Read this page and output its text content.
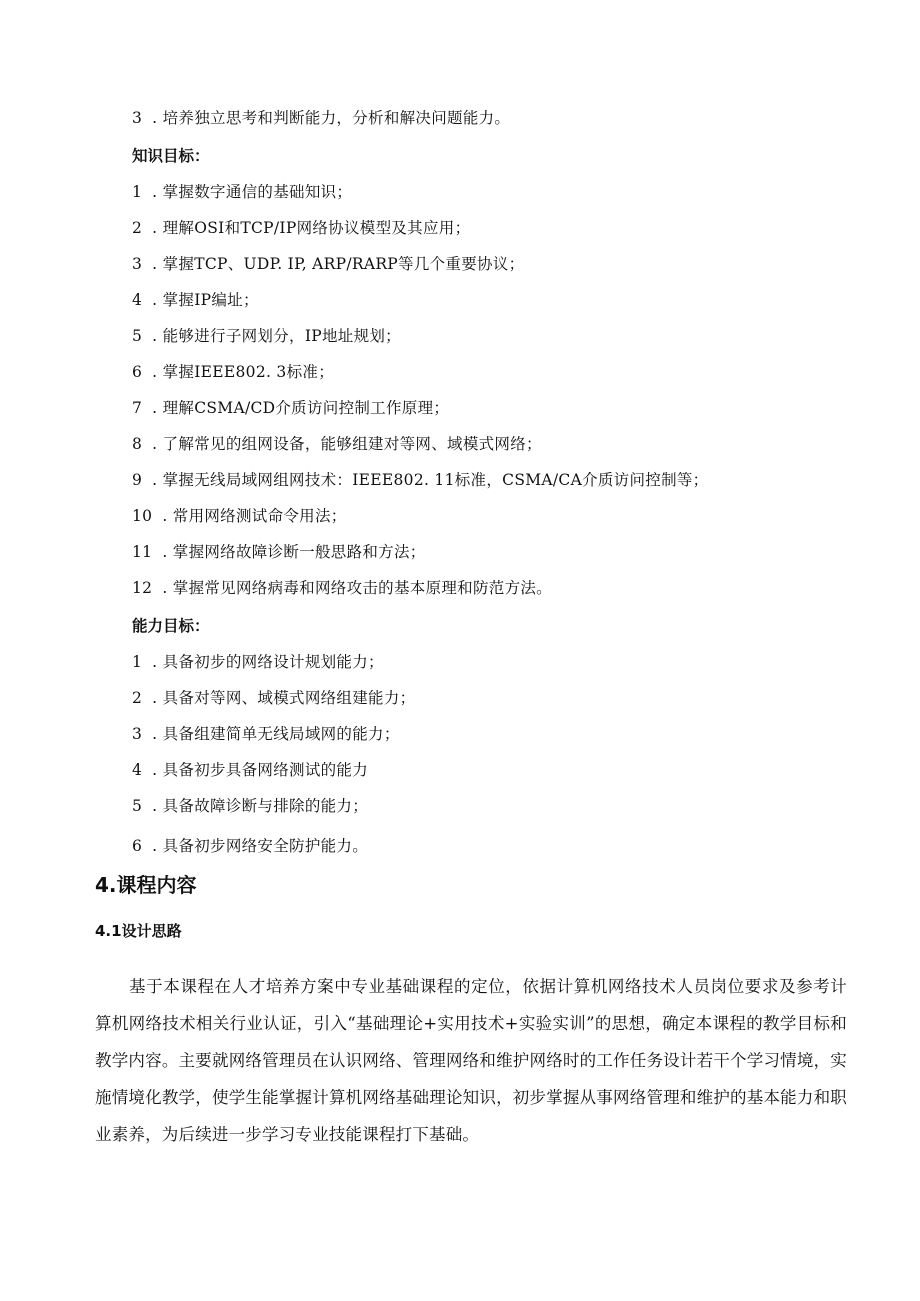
3 . 培养独立思考和判断能力，分析和解决问题能力。
知识目标：
1 . 掌握数字通信的基础知识；
2 . 理解OSI和TCP/IP网络协议模型及其应用；
3 . 掌握TCP、UDP. IP, ARP/RARP等几个重要协议；
4 . 掌握IP编址；
5 . 能够进行子网划分，IP地址规划；
6 . 掌握IEEE802. 3标准；
7 . 理解CSMA/CD介质访问控制工作原理；
8 . 了解常见的组网设备，能够组建对等网、域模式网络；
9 . 掌握无线局域网组网技术：IEEE802. 11标准，CSMA/CA介质访问控制等；
10 . 常用网络测试命令用法；
11 . 掌握网络故障诊断一般思路和方法；
12 . 掌握常见网络病毒和网络攻击的基本原理和防范方法。
能力目标：
1 . 具备初步的网络设计规划能力；
2 . 具备对等网、域模式网络组建能力；
3 . 具备组建简单无线局域网的能力；
4 . 具备初步具备网络测试的能力
5 . 具备故障诊断与排除的能力；
6 . 具备初步网络安全防护能力。
4.课程内容
4.1设计思路
基于本课程在人才培养方案中专业基础课程的定位，依据计算机网络技术人员岗位要求及参考计算机网络技术相关行业认证，引入“基础理论+实用技术+实验实训”的思想，确定本课程的教学目标和教学内容。主要就网络管理员在认识网络、管理网络和维护网络时的工作任务设计若干个学习情境，实施情境化教学，使学生能掌握计算机网络基础理论知识，初步掌握从事网络管理和维护的基本能力和职业素养，为后续进一步学习专业技能课程打下基础。
